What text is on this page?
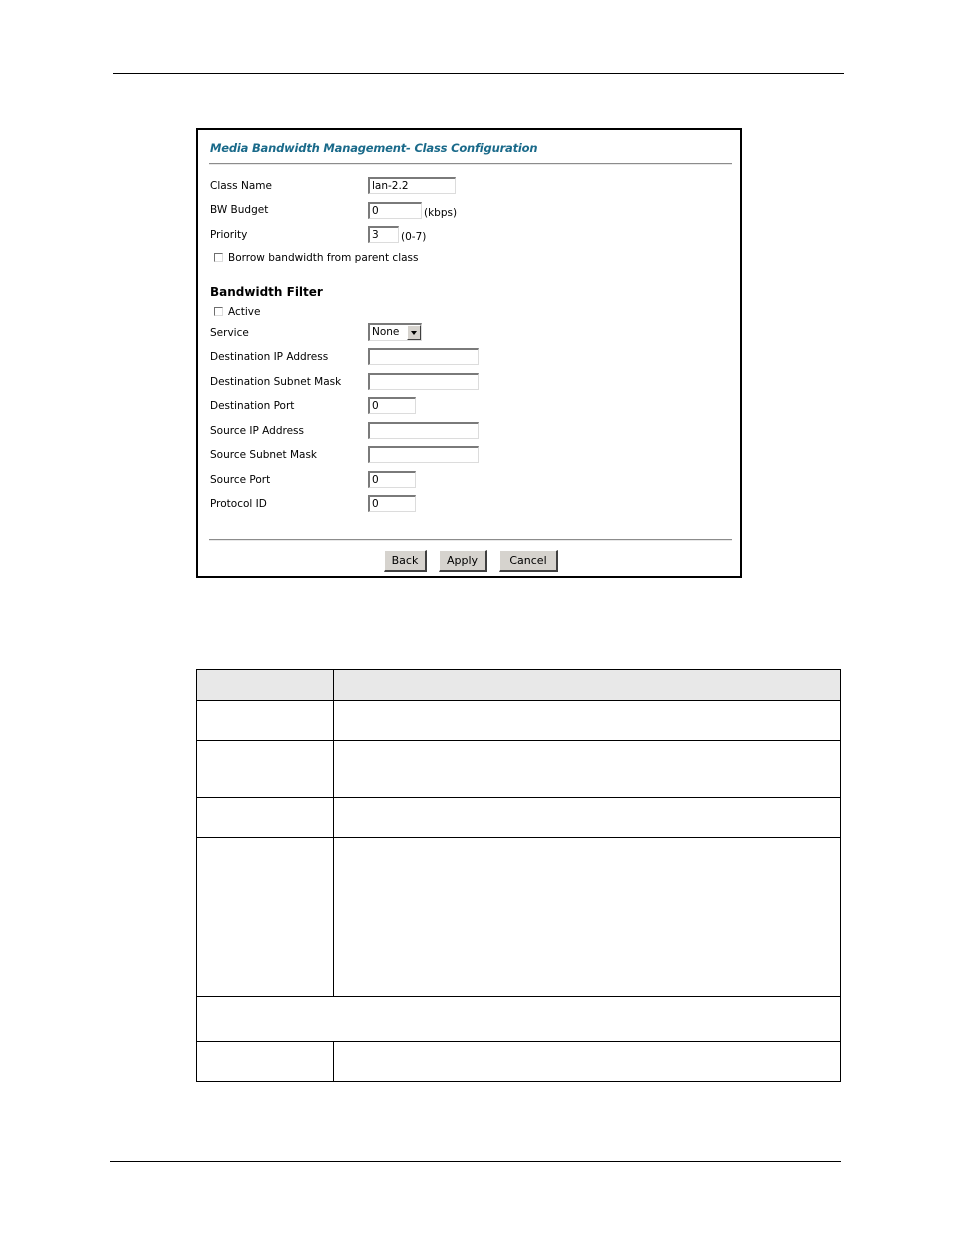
Media Bandwidth Management- Class Configuration
Class Name	lan-2.2
BW Budget	0	(kbps)
Priority	3	(0-7)
Borrow bandwidth from parent class
Bandwidth Filter
Active
Service	None
Destination IP Address
Destination Subnet Mask
Destination Port	0
Source IP Address
Source Subnet Mask
Source Port	0
Protocol ID	0
Back	Apply	Cancel
